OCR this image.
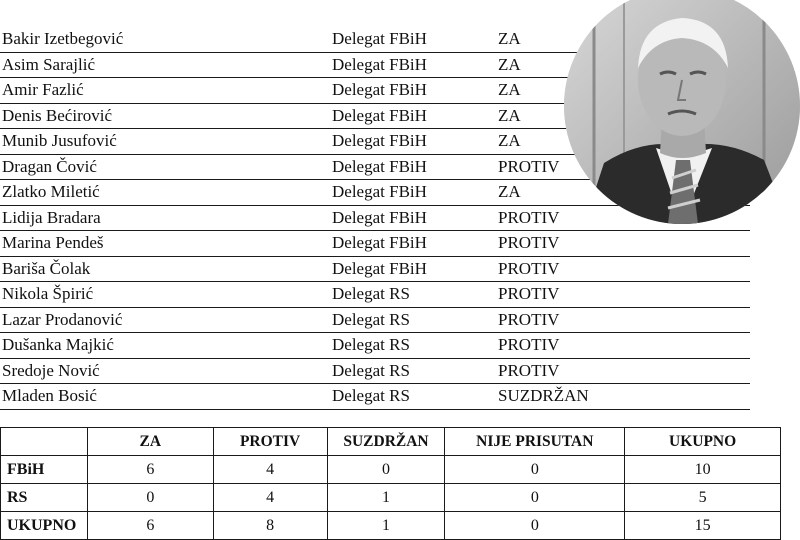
Bakir Izetbegović	Delegat FBiH	ZA
Asim Sarajlić	Delegat FBiH	ZA
Amir Fazlić	Delegat FBiH	ZA
Denis Bećirović	Delegat FBiH	ZA
Munib Jusufović	Delegat FBiH	ZA
Dragan Čović	Delegat FBiH	PROTIV
Zlatko Miletić	Delegat FBiH	ZA
Lidija Bradara	Delegat FBiH	PROTIV
Marina Pendeš	Delegat FBiH	PROTIV
Bariša Čolak	Delegat FBiH	PROTIV
Nikola Špirić	Delegat RS	PROTIV
Lazar Prodanović	Delegat RS	PROTIV
Dušanka Majkić	Delegat RS	PROTIV
Sredoje Nović	Delegat RS	PROTIV
Mladen Bosić	Delegat RS	SUZDRŽAN
	ZA	PROTIV	SUZDRŽAN	NIJE PRISUTAN	UKUPNO
FBiH	6	4	0	0	10
RS	0	4	1	0	5
UKUPNO	6	8	1	0	15
